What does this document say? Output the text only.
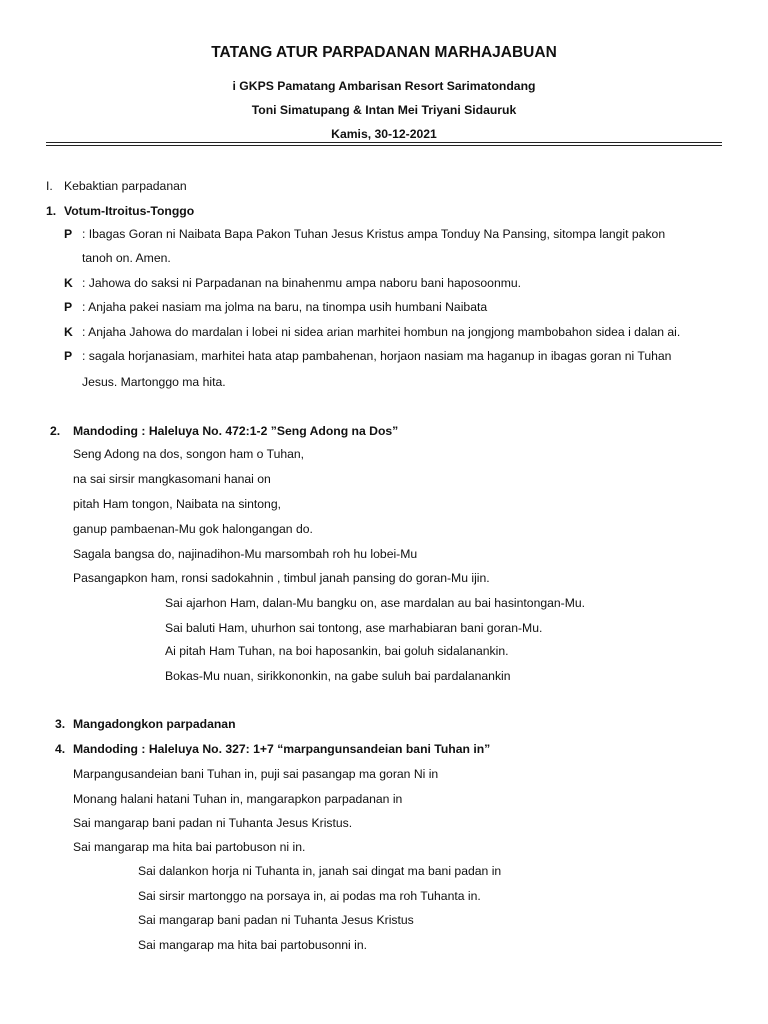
TATANG ATUR PARPADANAN MARHAJABUAN
i GKPS Pamatang Ambarisan Resort Sarimatondang
Toni Simatupang & Intan Mei Triyani Sidauruk
Kamis, 30-12-2021
I. Kebaktian parpadanan
1. Votum-Itroitus-Tonggo
P : Ibagas Goran ni Naibata Bapa Pakon Tuhan Jesus Kristus ampa Tonduy Na Pansing, sitompa langit pakon
tanoh on. Amen.
K : Jahowa do saksi ni Parpadanan na binahenmu ampa naboru bani haposoonmu.
P : Anjaha pakei nasiam ma jolma na baru, na tinompa usih humbani Naibata
K : Anjaha Jahowa do mardalan i lobei ni sidea arian marhitei hombun na jongjong mambobahon sidea i dalan ai.
P : sagala horjanasiam, marhitei hata atap pambahenan, horjaon nasiam ma haganup in ibagas goran ni Tuhan
Jesus. Martonggo ma hita.
2. Mandoding : Haleluya No. 472:1-2 ”Seng Adong na Dos”
Seng Adong na dos, songon ham o Tuhan,
na sai sirsir mangkasomani hanai on
pitah Ham tongon, Naibata na sintong,
ganup pambaenan-Mu gok halongangan do.
Sagala bangsa do, najinadihon-Mu marsombah roh hu lobei-Mu
Pasangapkon ham, ronsi sadokahnin , timbul janah pansing do goran-Mu ijin.
Sai ajarhon Ham, dalan-Mu bangku on, ase mardalan au bai hasintongan-Mu.
Sai baluti Ham, uhurhon sai tontong, ase marhabiaran bani goran-Mu.
Ai pitah Ham Tuhan, na boi haposankin, bai goluh sidalanankin.
Bokas-Mu nuan, sirikkononkin, na gabe suluh bai pardalanankin
3. Mangadongkon parpadanan
4. Mandoding : Haleluya No. 327: 1+7 “marpangunsandeian bani Tuhan in”
Marpangusandeian bani Tuhan in, puji sai pasangap ma goran Ni in
Monang halani hatani Tuhan in, mangarapkon parpadanan in
Sai mangarap bani padan ni Tuhanta Jesus Kristus.
Sai mangarap ma hita bai partobuson ni in.
Sai dalankon horja ni Tuhanta in, janah sai dingat ma bani padan in
Sai sirsir martonggo na porsaya in, ai podas ma roh Tuhanta in.
Sai mangarap bani padan ni Tuhanta Jesus Kristus
Sai mangarap ma hita bai partobusonni in.
